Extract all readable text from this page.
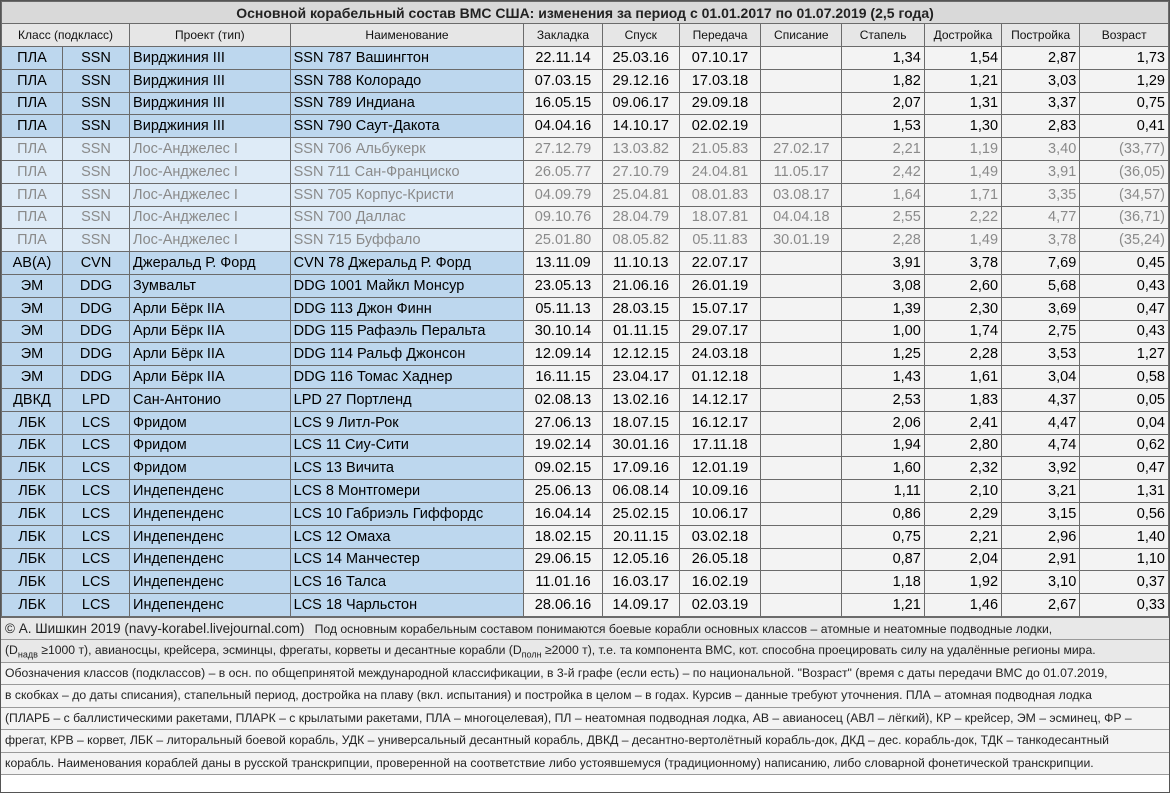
Основной корабельный состав ВМС США: изменения за период с 01.01.2017 по 01.07.2019 (2,5 года)											
Класс (подкласс)		Проект (тип)	Наименование	Закладка	Спуск	Передача	Списание	Стапель	Достройка	Постройка	Возраст
ПЛА	SSN	Вирджиния III	SSN 787 Вашингтон	22.11.14	25.03.16	07.10.17		1,34	1,54	2,87	1,73
ПЛА	SSN	Вирджиния III	SSN 788 Колорадо	07.03.15	29.12.16	17.03.18		1,82	1,21	3,03	1,29
ПЛА	SSN	Вирджиния III	SSN 789 Индиана	16.05.15	09.06.17	29.09.18		2,07	1,31	3,37	0,75
ПЛА	SSN	Вирджиния III	SSN 790 Саут-Дакота	04.04.16	14.10.17	02.02.19		1,53	1,30	2,83	0,41
ПЛА	SSN	Лос-Анджелес I	SSN 706 Альбукерк	27.12.79	13.03.82	21.05.83	27.02.17	2,21	1,19	3,40	(33,77)
ПЛА	SSN	Лос-Анджелес I	SSN 711 Сан-Франциско	26.05.77	27.10.79	24.04.81	11.05.17	2,42	1,49	3,91	(36,05)
ПЛА	SSN	Лос-Анджелес I	SSN 705 Корпус-Кристи	04.09.79	25.04.81	08.01.83	03.08.17	1,64	1,71	3,35	(34,57)
ПЛА	SSN	Лос-Анджелес I	SSN 700 Даллас	09.10.76	28.04.79	18.07.81	04.04.18	2,55	2,22	4,77	(36,71)
ПЛА	SSN	Лос-Анджелес I	SSN 715 Буффало	25.01.80	08.05.82	05.11.83	30.01.19	2,28	1,49	3,78	(35,24)
АВ(А)	CVN	Джеральд Р. Форд	CVN 78 Джеральд Р. Форд	13.11.09	11.10.13	22.07.17		3,91	3,78	7,69	0,45
ЭМ	DDG	Зумвальт	DDG 1001 Майкл Монсур	23.05.13	21.06.16	26.01.19		3,08	2,60	5,68	0,43
ЭМ	DDG	Арли Бёрк IIA	DDG 113 Джон Финн	05.11.13	28.03.15	15.07.17		1,39	2,30	3,69	0,47
ЭМ	DDG	Арли Бёрк IIA	DDG 115 Рафаэль Перальта	30.10.14	01.11.15	29.07.17		1,00	1,74	2,75	0,43
ЭМ	DDG	Арли Бёрк IIA	DDG 114 Ральф Джонсон	12.09.14	12.12.15	24.03.18		1,25	2,28	3,53	1,27
ЭМ	DDG	Арли Бёрк IIA	DDG 116 Томас Хаднер	16.11.15	23.04.17	01.12.18		1,43	1,61	3,04	0,58
ДВКД	LPD	Сан-Антонио	LPD 27 Портленд	02.08.13	13.02.16	14.12.17		2,53	1,83	4,37	0,05
ЛБК	LCS	Фридом	LCS 9 Литл-Рок	27.06.13	18.07.15	16.12.17		2,06	2,41	4,47	0,04
ЛБК	LCS	Фридом	LCS 11 Сиу-Сити	19.02.14	30.01.16	17.11.18		1,94	2,80	4,74	0,62
ЛБК	LCS	Фридом	LCS 13 Вичита	09.02.15	17.09.16	12.01.19		1,60	2,32	3,92	0,47
ЛБК	LCS	Индепенденс	LCS 8 Монтгомери	25.06.13	06.08.14	10.09.16		1,11	2,10	3,21	1,31
ЛБК	LCS	Индепенденс	LCS 10 Габриэль Гиффордс	16.04.14	25.02.15	10.06.17		0,86	2,29	3,15	0,56
ЛБК	LCS	Индепенденс	LCS 12 Омаха	18.02.15	20.11.15	03.02.18		0,75	2,21	2,96	1,40
ЛБК	LCS	Индепенденс	LCS 14 Манчестер	29.06.15	12.05.16	26.05.18		0,87	2,04	2,91	1,10
ЛБК	LCS	Индепенденс	LCS 16 Талса	11.01.16	16.03.17	16.02.19		1,18	1,92	3,10	0,37
ЛБК	LCS	Индепенденс	LCS 18 Чарльстон	28.06.16	14.09.17	02.03.19		1,21	1,46	2,67	0,33
© А. Шишкин 2019 (navy-korabel.livejournal.com) Под основным корабельным составом понимаются боевые корабли основных классов – атомные и неатомные подводные лодки,
($D_{надв} \ge 1000$ т), авианосцы, крейсера, эсминцы, фрегаты, корветы и десантные корабли ($D_{полн} \ge 2000$ т), т.е. та компонента ВМС, кот. способна проецировать силу на удалённые регионы мира.
Обозначения классов (подклассов) – в осн. по общепринятой международной классификации, в 3-й графе (если есть) – по национальной. "Возраст" (время с даты передачи ВМС до 01.07.2019,
в скобках – до даты списания), стапельный период, достройка на плаву (вкл. испытания) и постройка в целом – в годах. Курсив – данные требуют уточнения. ПЛА – атомная подводная лодка
(ПЛАРБ – с баллистическими ракетами, ПЛАРК – с крылатыми ракетами, ПЛА – многоцелевая), ПЛ – неатомная подводная лодка, АВ – авианосец (АВЛ – лёгкий), КР – крейсер, ЭМ – эсминец, ФР –
фрегат, КРВ – корвет, ЛБК – литоральный боевой корабль, УДК – универсальный десантный корабль, ДВКД – десантно-вертолётный корабль-док, ДКД – дес. корабль-док, ТДК – танкодесантный
корабль. Наименования кораблей даны в русской транскрипции, проверенной на соответствие либо устоявшемуся (традиционному) написанию, либо словарной фонетической транскрипции.
